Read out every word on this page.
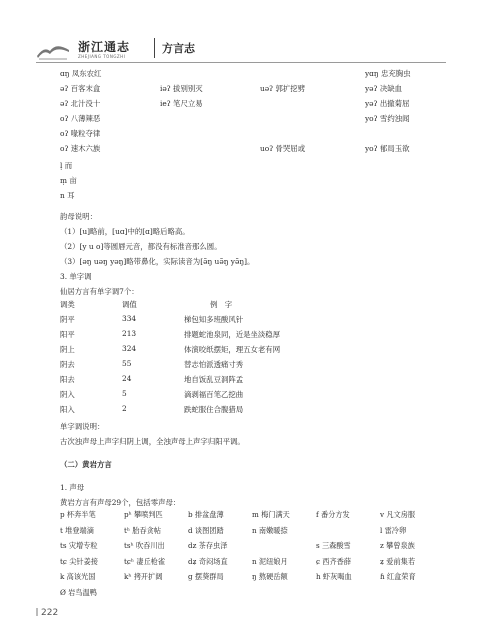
浙江通志
ZHEJIANG TONGZHI
方言志
ɑŋ 凤东农红	yɑŋ 忠充胸虫
əʔ 百客末盒	iəʔ 拔别别灭	uəʔ 郭扩挖劈	yəʔ 决缺血
əʔ 北汁没十	ieʔ 笔尺立易	yəʔ 出撤菊屈
oʔ 八薄辣恶	yoʔ 雪约浊闻
oʔ 喙粒夺律
oʔ 速木六族	uoʔ 骨哭屈或	yoʔ 郁局玉欲
l̩ 而
m̩ 亩
n 耳
韵母说明：
（1）[u]略前，[uɑ]中的[ɑ]略后略高。
（2）[y u o]等圆唇元音，都没有标准音那么圆。
（3）[əŋ uəŋ yəŋ]略带鼻化，实际读音为[ə̃ŋ uə̃ŋ yə̃ŋ]。
3. 单字调
仙居方言有单字调7个：
调类	调值	例　字
阴平	334	梯包知多班酸风针
阳平	213	排题蛇池泉同，近是坐淡稳厚
阴上	324	体演咬纸摆矩，理五女老有网
阴去	55	替志怕派透痛寸秀
阳去	24	地自饭乱豆洞阵孟
阴入	5	滴剥福百笔乙挖曲
阳入	2	跌蛇服住合腹猎局
单字调说明：
古次浊声母上声字归阴上调，全浊声母上声字归阳平调。
（二）黄岩方言
1. 声母
黄岩方言有声母29个，包括零声母：
p 杯奔半笔	pʰ 攀喷判匹	b 排盆盘薄	m 梅门满天	f 番分方发	v 凡文房服
t 堆登端滴	tʰ 胎吞贪帖	d 谈图团踏	n 南嫩暖捺	l 雷冷卵
ts 灾增专粒	tsʰ 吹吞川出	dz 茶存虫泽	s 三森酸雪	z 攀曾泉族
tɕ 尖针姜接	tɕʰ 凄丘枪雀	dʑ 奇闷场直	n 泥纽娘月	ɕ 西齐香薛	ʑ 爱前集若
k 高该光国	kʰ 拷开扩阔	g 摆葵群局	ŋ 熬硬岳额	h 虾灰喝血	ɦ 红盒荣育
Ø 岩鸟温鸭
222
